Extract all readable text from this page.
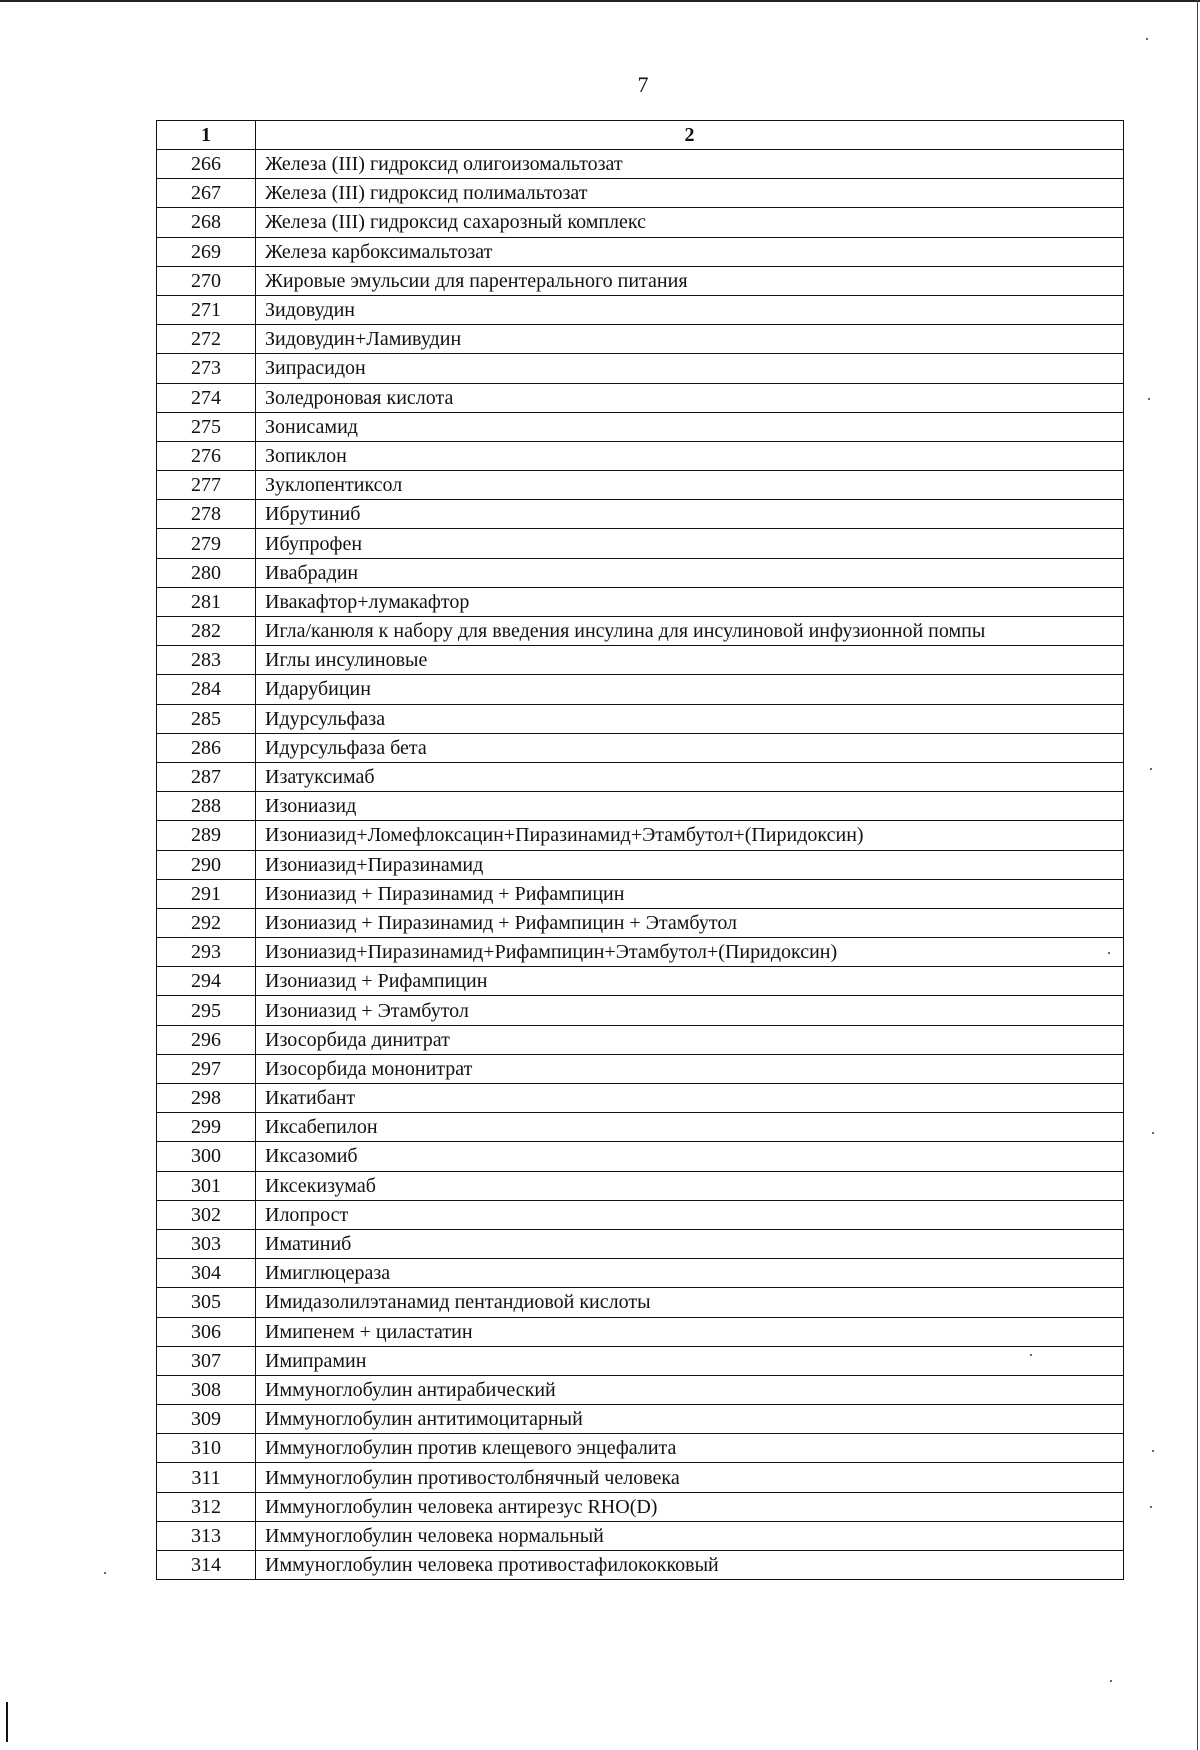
7
1	2
266	Железа (III) гидроксид олигоизомальтозат
267	Железа (III) гидроксид полимальтозат
268	Железа (III) гидроксид сахарозный комплекс
269	Железа карбоксимальтозат
270	Жировые эмульсии для парентерального питания
271	Зидовудин
272	Зидовудин+Ламивудин
273	Зипрасидон
274	Золедроновая кислота
275	Зонисамид
276	Зопиклон
277	Зуклопентиксол
278	Ибрутиниб
279	Ибупрофен
280	Ивабрадин
281	Ивакафтор+лумакафтор
282	Игла/канюля к набору для введения инсулина для инсулиновой инфузионной помпы
283	Иглы инсулиновые
284	Идарубицин
285	Идурсульфаза
286	Идурсульфаза бета
287	Изатуксимаб
288	Изониазид
289	Изониазид+Ломефлоксацин+Пиразинамид+Этамбутол+(Пиридоксин)
290	Изониазид+Пиразинамид
291	Изониазид + Пиразинамид + Рифампицин
292	Изониазид + Пиразинамид + Рифампицин + Этамбутол
293	Изониазид+Пиразинамид+Рифампицин+Этамбутол+(Пиридоксин)
294	Изониазид + Рифампицин
295	Изониазид + Этамбутол
296	Изосорбида динитрат
297	Изосорбида мононитрат
298	Икатибант
299	Иксабепилон
300	Иксазомиб
301	Иксекизумаб
302	Илопрост
303	Иматиниб
304	Имиглюцераза
305	Имидазолилэтанамид пентандиовой кислоты
306	Имипенем + циластатин
307	Имипрамин
308	Иммуноглобулин антирабический
309	Иммуноглобулин антитимоцитарный
310	Иммуноглобулин против клещевого энцефалита
311	Иммуноглобулин противостолбнячный человека
312	Иммуноглобулин человека антирезус RHO(D)
313	Иммуноглобулин человека нормальный
314	Иммуноглобулин человека противостафилококковый
